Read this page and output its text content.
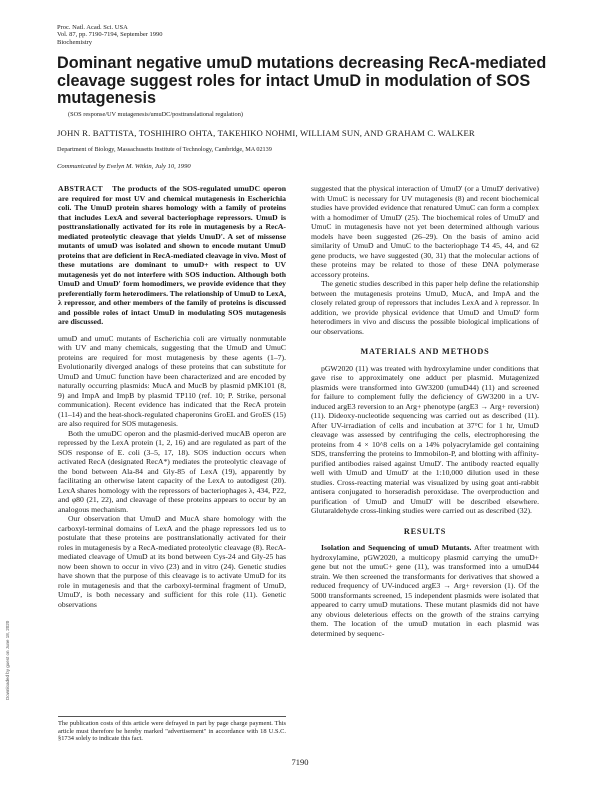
Proc. Natl. Acad. Sci. USA
Vol. 87, pp. 7190-7194, September 1990
Biochemistry
Dominant negative umuD mutations decreasing RecA-mediated cleavage suggest roles for intact UmuD in modulation of SOS mutagenesis
(SOS response/UV mutagenesis/umuDC/posttranslational regulation)
JOHN R. BATTISTA, TOSHIHIRO OHTA, TAKEHIKO NOHMI, WILLIAM SUN, AND GRAHAM C. WALKER
Department of Biology, Massachusetts Institute of Technology, Cambridge, MA 02139
Communicated by Evelyn M. Witkin, July 10, 1990

ABSTRACT The products of the SOS-regulated umuDC operon are required for most UV and chemical mutagenesis in Escherichia coli. The UmuD protein shares homology with a family of proteins that includes LexA and several bacteriophage repressors. UmuD is posttranslationally activated for its role in mutagenesis by a RecA-mediated proteolytic cleavage that yields UmuD'. A set of missense mutants of umuD was isolated and shown to encode mutant UmuD proteins that are deficient in RecA-mediated cleavage in vivo. Most of these mutations are dominant to umuD+ with respect to UV mutagenesis yet do not interfere with SOS induction. Although both UmuD and UmuD' form homodimers, we provide evidence that they preferentially form heterodimers. The relationship of UmuD to LexA, λ repressor, and other members of the family of proteins is discussed and possible roles of intact UmuD in modulating SOS mutagenesis are discussed.

umuD and umuC mutants of Escherichia coli are virtually nonmutable with UV and many chemicals, suggesting that the UmuD and UmuC proteins are required for most mutagenesis by these agents (1–7). Evolutionarily diverged analogs of these proteins that can substitute for UmuD and UmuC function have been characterized and are encoded by naturally occurring plasmids: MucA and MucB by plasmid pMK101 (8, 9) and ImpA and ImpB by plasmid TP110 (ref. 10; P. Strike, personal communication). Recent evidence has indicated that the RecA protein (11–14) and the heat-shock-regulated chaperonins GroEL and GroES (15) are also required for SOS mutagenesis.

Both the umuDC operon and the plasmid-derived mucAB operon are repressed by the LexA protein (1, 2, 16) and are regulated as part of the SOS response of E. coli (3–5, 17, 18). SOS induction occurs when activated RecA (designated RecA*) mediates the proteolytic cleavage of the bond between Ala-84 and Gly-85 of LexA (19), apparently by facilitating an otherwise latent capacity of the LexA to autodigest (20). LexA shares homology with the repressors of bacteriophages λ, 434, P22, and φ80 (21, 22), and cleavage of these proteins appears to occur by an analogous mechanism.

Our observation that UmuD and MucA share homology with the carboxyl-terminal domains of LexA and the phage repressors led us to postulate that these proteins are posttranslationally activated for their roles in mutagenesis by a RecA-mediated proteolytic cleavage (8). RecA-mediated cleavage of UmuD at its bond between Cys-24 and Gly-25 has now been shown to occur in vivo (23) and in vitro (24). Genetic studies have shown that the purpose of this cleavage is to activate UmuD for its role in mutagenesis and that the carboxyl-terminal fragment of UmuD, UmuD', is both necessary and sufficient for this role (11). Genetic observations

The publication costs of this article were defrayed in part by page charge payment. This article must therefore be hereby marked "advertisement" in accordance with 18 U.S.C. §1734 solely to indicate this fact.

suggested that the physical interaction of UmuD' (or a UmuD' derivative) with UmuC is necessary for UV mutagenesis (8) and recent biochemical studies have provided evidence that renatured UmuC can form a complex with a homodimer of UmuD' (25). The biochemical roles of UmuD' and UmuC in mutagenesis have not yet been determined although various models have been suggested (26–29). On the basis of amino acid similarity of UmuD and UmuC to the bacteriophage T4 45, 44, and 62 gene products, we have suggested (30, 31) that the molecular actions of these proteins may be related to those of these DNA polymerase accessory proteins.

The genetic studies described in this paper help define the relationship between the mutagenesis proteins UmuD, MucA, and ImpA and the closely related group of repressors that includes LexA and λ repressor. In addition, we provide physical evidence that UmuD and UmuD' form heterodimers in vivo and discuss the possible biological implications of our observations.

MATERIALS AND METHODS

pGW2020 (11) was treated with hydroxylamine under conditions that gave rise to approximately one adduct per plasmid. Mutagenized plasmids were transformed into GW3200 (umuD44) (11) and screened for failure to complement fully the deficiency of GW3200 in a UV-induced argE3 reversion to an Arg+ phenotype (argE3 → Arg+ reversion) (11). Dideoxy-nucleotide sequencing was carried out as described (11). After UV-irradiation of cells and incubation at 37°C for 1 hr, UmuD cleavage was assessed by centrifuging the cells, electrophoresing the proteins from 4 × 10^8 cells on a 14% polyacrylamide gel containing SDS, transferring the proteins to Immobilon-P, and blotting with affinity-purified antibodies raised against UmuD'. The antibody reacted equally well with UmuD and UmuD' at the 1:10,000 dilution used in these studies. Cross-reacting material was visualized by using goat anti-rabbit antisera conjugated to horseradish peroxidase. The overproduction and purification of UmuD and UmuD' will be described elsewhere. Glutaraldehyde cross-linking studies were carried out as described (32).

RESULTS

Isolation and Sequencing of umuD Mutants. After treatment with hydroxylamine, pGW2020, a multicopy plasmid carrying the umuD+ gene but not the umuC+ gene (11), was transformed into a umuD44 strain. We then screened the transformants for derivatives that showed a reduced frequency of UV-induced argE3 → Arg+ reversion (1). Of the 5000 transformants screened, 15 independent plasmids were isolated that appeared to carry umuD mutations. These mutant plasmids did not have any obvious deleterious effects on the growth of the strains carrying them. The location of the umuD mutation in each plasmid was determined by sequenc-

7190
Downloaded by guest on June 18, 2020
